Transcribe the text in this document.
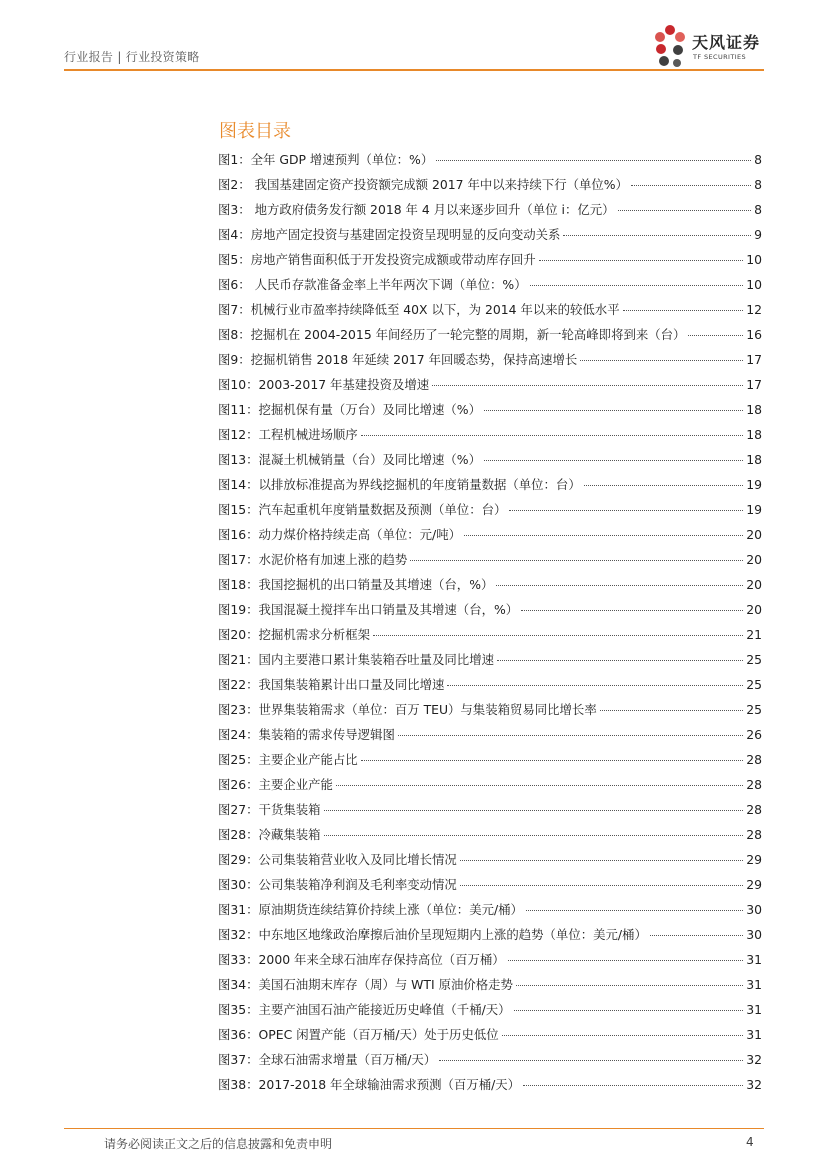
行业报告 | 行业投资策略
天风证券
TF SECURITIES
图表目录
图1：全年 GDP 增速预判（单位：%）	8
图2： 我国基建固定资产投资额完成额 2017 年中以来持续下行（单位%）	8
图3： 地方政府债务发行额 2018 年 4 月以来逐步回升（单位 i：亿元）	8
图4：房地产固定投资与基建固定投资呈现明显的反向变动关系	9
图5：房地产销售面积低于开发投资完成额或带动库存回升	10
图6： 人民币存款准备金率上半年两次下调（单位：%）	10
图7：机械行业市盈率持续降低至 40X 以下，为 2014 年以来的较低水平	12
图8：挖掘机在 2004-2015 年间经历了一轮完整的周期，新一轮高峰即将到来（台）	16
图9：挖掘机销售 2018 年延续 2017 年回暖态势，保持高速增长	17
图10：2003-2017 年基建投资及增速	17
图11：挖掘机保有量（万台）及同比增速（%）	18
图12：工程机械进场顺序	18
图13：混凝土机械销量（台）及同比增速（%）	18
图14：以排放标准提高为界线挖掘机的年度销量数据（单位：台）	19
图15：汽车起重机年度销量数据及预测（单位：台）	19
图16：动力煤价格持续走高（单位：元/吨）	20
图17：水泥价格有加速上涨的趋势	20
图18：我国挖掘机的出口销量及其增速（台，%）	20
图19：我国混凝土搅拌车出口销量及其增速（台，%）	20
图20：挖掘机需求分析框架	21
图21：国内主要港口累计集装箱吞吐量及同比增速	25
图22：我国集装箱累计出口量及同比增速	25
图23：世界集装箱需求（单位：百万 TEU）与集装箱贸易同比增长率	25
图24：集装箱的需求传导逻辑图	26
图25：主要企业产能占比	28
图26：主要企业产能	28
图27：干货集装箱	28
图28：冷藏集装箱	28
图29：公司集装箱营业收入及同比增长情况	29
图30：公司集装箱净利润及毛利率变动情况	29
图31：原油期货连续结算价持续上涨（单位：美元/桶）	30
图32：中东地区地缘政治摩擦后油价呈现短期内上涨的趋势（单位：美元/桶）	30
图33：2000 年来全球石油库存保持高位（百万桶）	31
图34：美国石油期末库存（周）与 WTI 原油价格走势	31
图35：主要产油国石油产能接近历史峰值（千桶/天）	31
图36：OPEC 闲置产能（百万桶/天）处于历史低位	31
图37：全球石油需求增量（百万桶/天）	32
图38：2017-2018 年全球输油需求预测（百万桶/天）	32
请务必阅读正文之后的信息披露和免责申明	4
